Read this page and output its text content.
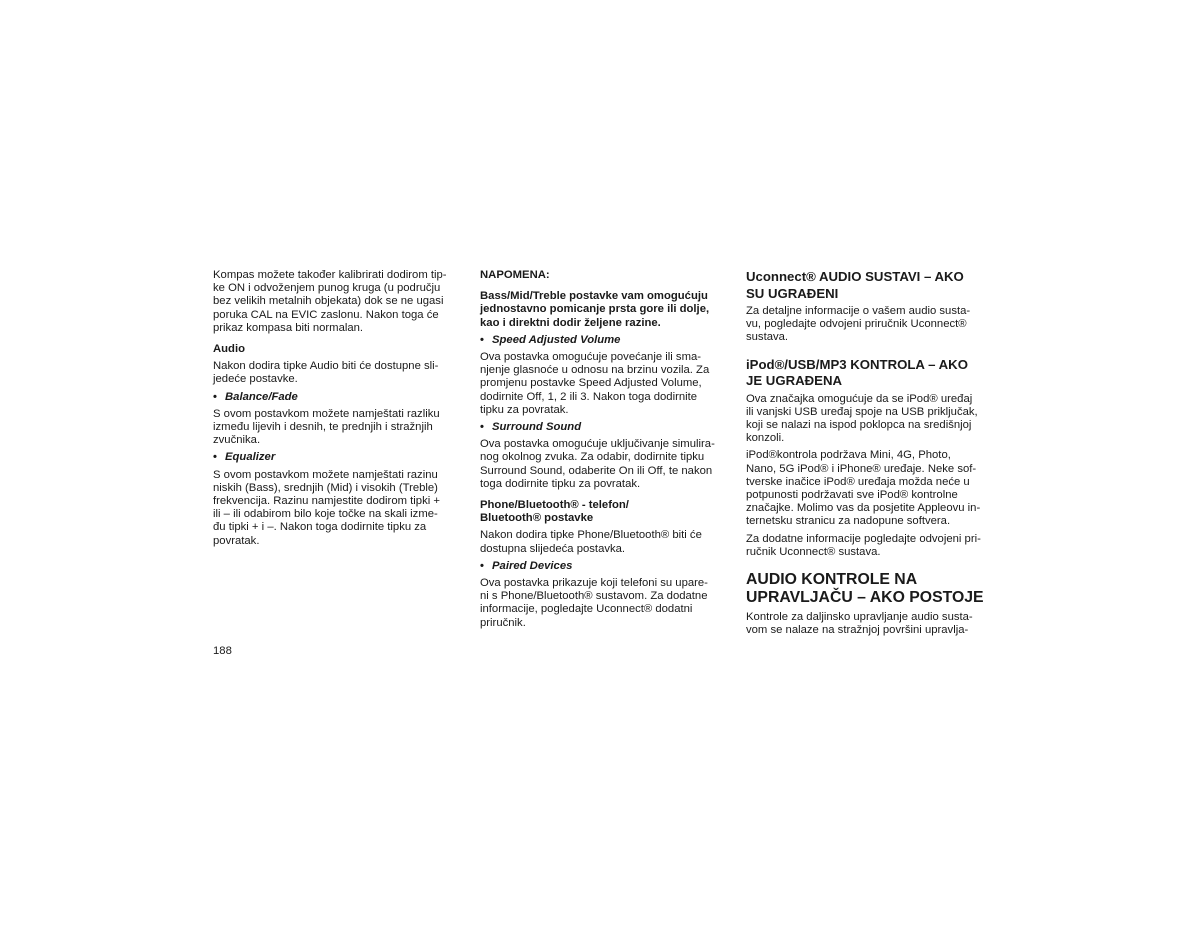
Kompas možete također kalibrirati dodirom tip-
ke ON i odvoženjem punog kruga (u području
bez velikih metalnih objekata) dok se ne ugasi
poruka CAL na EVIC zaslonu. Nakon toga će
prikaz kompasa biti normalan.
Audio
Nakon dodira tipke Audio biti će dostupne sli-
jedeće postavke.
• Balance/Fade
S ovom postavkom možete namještati razliku
između lijevih i desnih, te prednjih i stražnjih
zvučnika.
• Equalizer
S ovom postavkom možete namještati razinu
niskih (Bass), srednjih (Mid) i visokih (Treble)
frekvencija. Razinu namjestite dodirom tipki +
ili – ili odabirom bilo koje točke na skali izme-
đu tipki + i –. Nakon toga dodirnite tipku za
povratak.
NAPOMENA:
Bass/Mid/Treble postavke vam omogućuju
jednostavno pomicanje prsta gore ili dolje,
kao i direktni dodir željene razine.
• Speed Adjusted Volume
Ova postavka omogućuje povećanje ili sma-
njenje glasnoće u odnosu na brzinu vozila. Za
promjenu postavke Speed Adjusted Volume,
dodirnite Off, 1, 2 ili 3. Nakon toga dodirnite
tipku za povratak.
• Surround Sound
Ova postavka omogućuje uključivanje simulira-
nog okolnog zvuka. Za odabir, dodirnite tipku
Surround Sound, odaberite On ili Off, te nakon
toga dodirnite tipku za povratak.
Phone/Bluetooth® - telefon/
Bluetooth® postavke
Nakon dodira tipke Phone/Bluetooth® biti će
dostupna slijedeća postavka.
• Paired Devices
Ova postavka prikazuje koji telefoni su upare-
ni s Phone/Bluetooth® sustavom. Za dodatne
informacije, pogledajte Uconnect® dodatni
priručnik.
Uconnect® AUDIO SUSTAVI – AKO
SU UGRAĐENI
Za detaljne informacije o vašem audio susta-
vu, pogledajte odvojeni priručnik Uconnect®
sustava.
iPod®/USB/MP3 KONTROLA – AKO
JE UGRAĐENA
Ova značajka omogućuje da se iPod® uređaj
ili vanjski USB uređaj spoje na USB priključak,
koji se nalazi na ispod poklopca na središnjoj
konzoli.
iPod®kontrola podržava Mini, 4G, Photo,
Nano, 5G iPod® i iPhone® uređaje. Neke sof-
tverske inačice iPod® uređaja možda neće u
potpunosti podržavati sve iPod® kontrolne
značajke. Molimo vas da posjetite Appleovu in-
ternetsku stranicu za nadopune softvera.
Za dodatne informacije pogledajte odvojeni pri-
ručnik Uconnect® sustava.
AUDIO KONTROLE NA
UPRAVLJAČU – AKO POSTOJE
Kontrole za daljinsko upravljanje audio susta-
vom se nalaze na stražnjoj površini upravlja-
188
